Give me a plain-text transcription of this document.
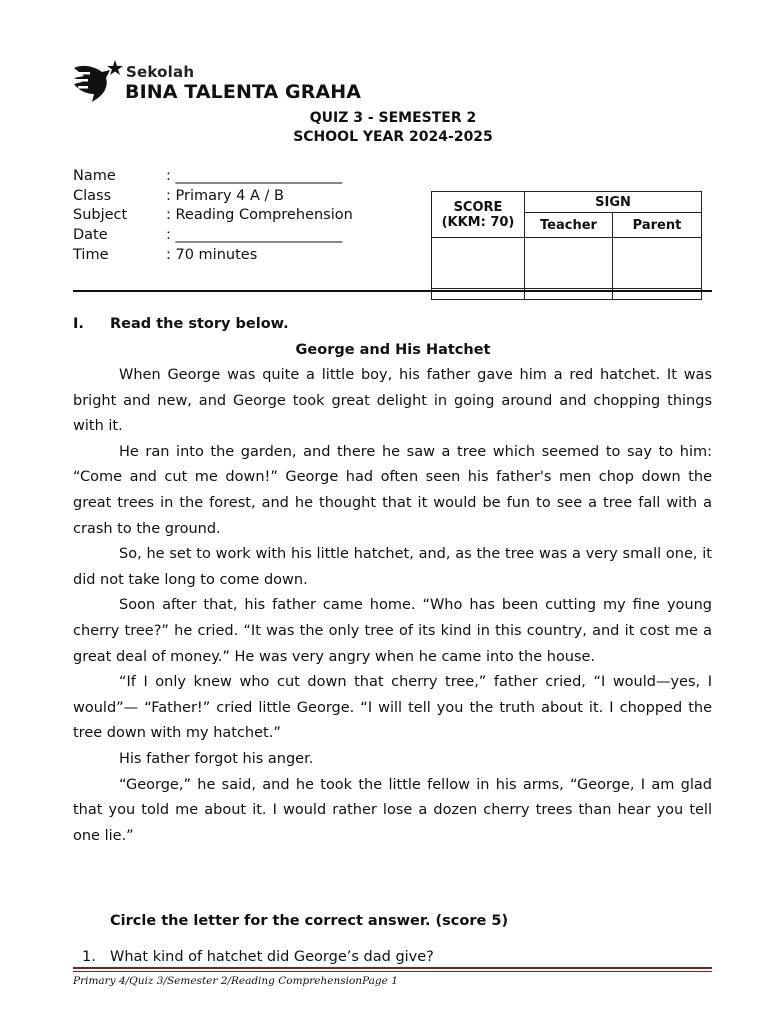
Sekolah
BINA TALENTA GRAHA
QUIZ 3 - SEMESTER 2
SCHOOL YEAR 2024-2025
Name	: _______________________
Class	: Primary 4 A / B
Subject	: Reading Comprehension
Date	: _______________________
Time	: 70 minutes
SCORE (KKM: 70)	SIGN	
	Teacher	Parent

I. Read the story below.
George and His Hatchet

When George was quite a little boy, his father gave him a red hatchet. It was bright and new, and George took great delight in going around and chopping things with it.

He ran into the garden, and there he saw a tree which seemed to say to him: “Come and cut me down!” George had often seen his father's men chop down the great trees in the forest, and he thought that it would be fun to see a tree fall with a crash to the ground.

So, he set to work with his little hatchet, and, as the tree was a very small one, it did not take long to come down.

Soon after that, his father came home. “Who has been cutting my fine young cherry tree?” he cried. “It was the only tree of its kind in this country, and it cost me a great deal of money.” He was very angry when he came into the house.

“If I only knew who cut down that cherry tree,” father cried, “I would—yes, I would”— “Father!” cried little George. “I will tell you the truth about it. I chopped the tree down with my hatchet.”

His father forgot his anger.

“George,” he said, and he took the little fellow in his arms, “George, I am glad that you told me about it. I would rather lose a dozen cherry trees than hear you tell one lie.”

Circle the letter for the correct answer. (score 5)
1. What kind of hatchet did George’s dad give?
Primary 4/Quiz 3/Semester 2/Reading ComprehensionPage 1
